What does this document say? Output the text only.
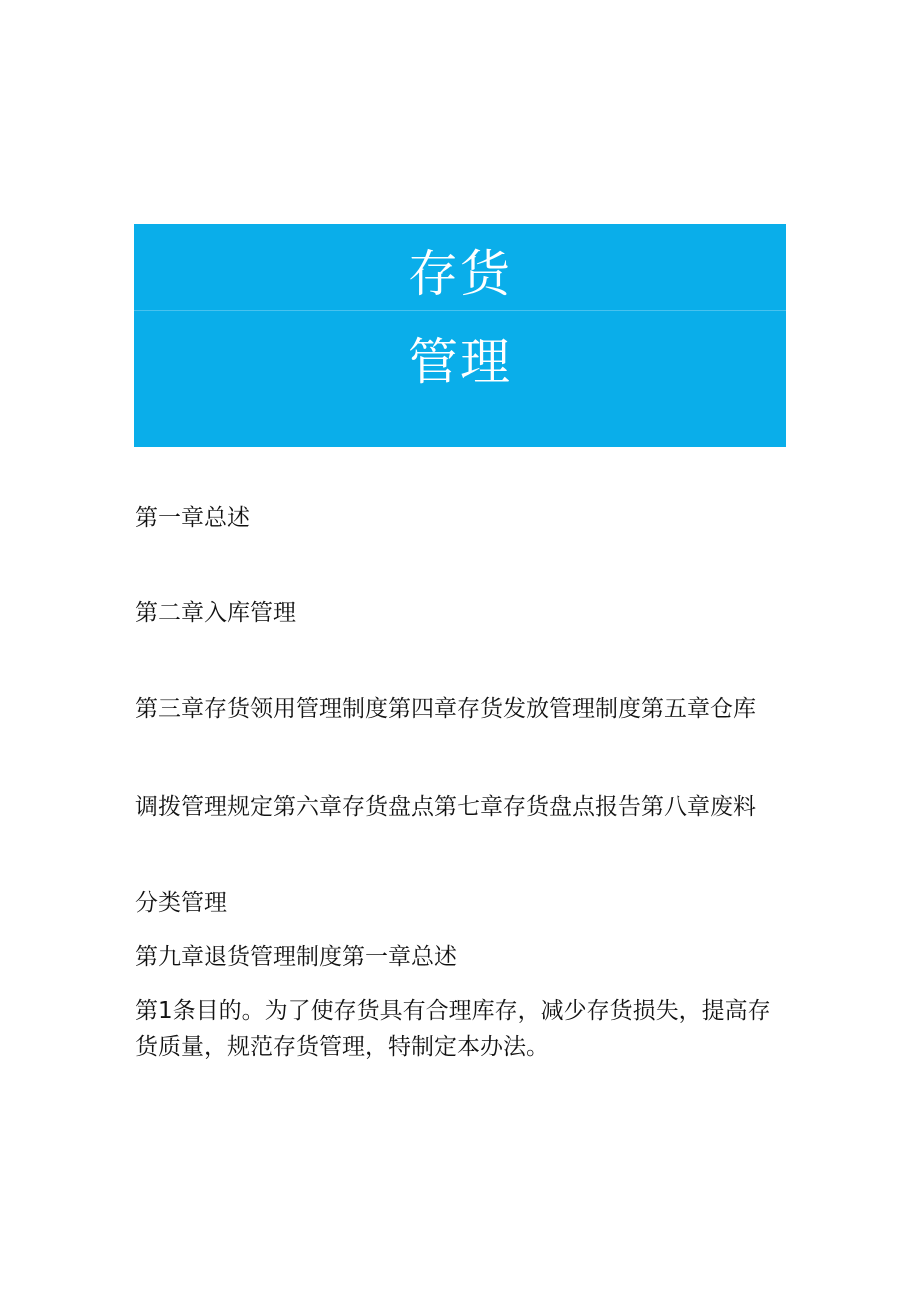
存货
管理
第一章总述
第二章入库管理
第三章存货领用管理制度第四章存货发放管理制度第五章仓库
调拨管理规定第六章存货盘点第七章存货盘点报告第八章废料
分类管理
第九章退货管理制度第一章总述
第1条目的。为了使存货具有合理库存，减少存货损失，提高存货质量，规范存货管理，特制定本办法。
